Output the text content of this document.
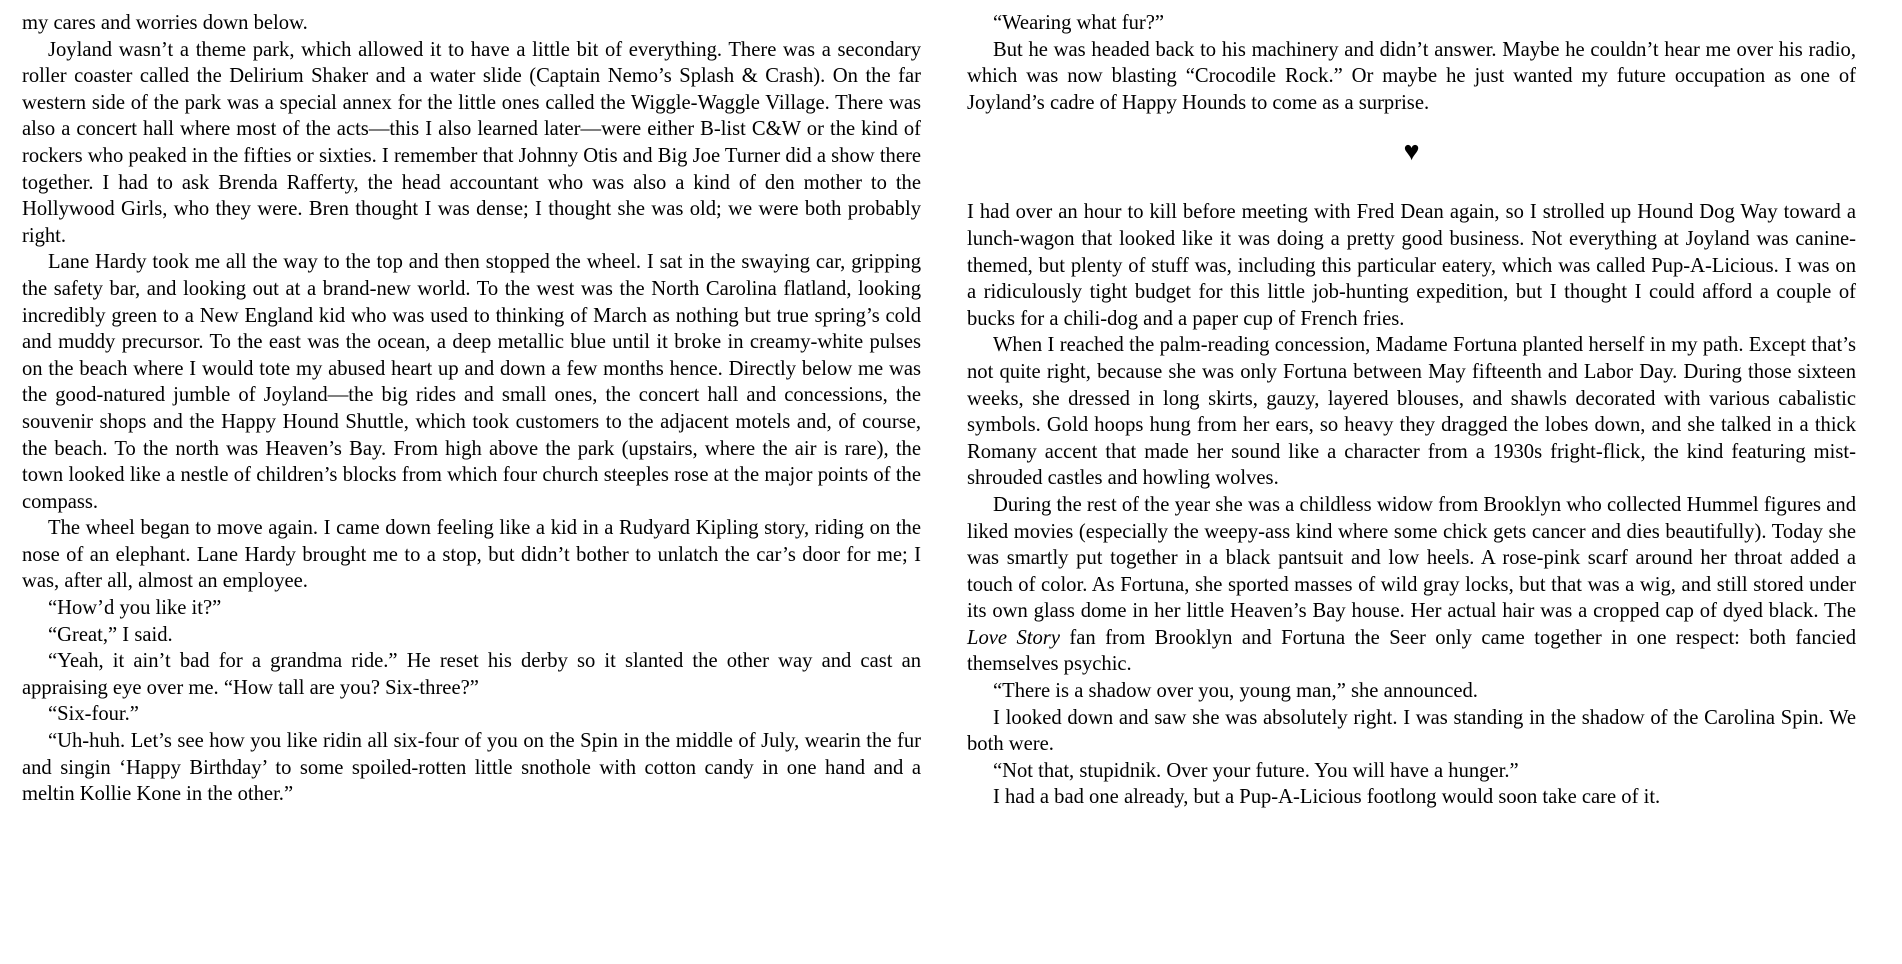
my cares and worries down below.

Joyland wasn’t a theme park, which allowed it to have a little bit of everything. There was a secondary roller coaster called the Delirium Shaker and a water slide (Captain Nemo’s Splash & Crash). On the far western side of the park was a special annex for the little ones called the Wiggle-Waggle Village. There was also a concert hall where most of the acts—this I also learned later—were either B-list C&W or the kind of rockers who peaked in the fifties or sixties. I remember that Johnny Otis and Big Joe Turner did a show there together. I had to ask Brenda Rafferty, the head accountant who was also a kind of den mother to the Hollywood Girls, who they were. Bren thought I was dense; I thought she was old; we were both probably right.

Lane Hardy took me all the way to the top and then stopped the wheel. I sat in the swaying car, gripping the safety bar, and looking out at a brand-new world. To the west was the North Carolina flatland, looking incredibly green to a New England kid who was used to thinking of March as nothing but true spring’s cold and muddy precursor. To the east was the ocean, a deep metallic blue until it broke in creamy-white pulses on the beach where I would tote my abused heart up and down a few months hence. Directly below me was the good-natured jumble of Joyland—the big rides and small ones, the concert hall and concessions, the souvenir shops and the Happy Hound Shuttle, which took customers to the adjacent motels and, of course, the beach. To the north was Heaven’s Bay. From high above the park (upstairs, where the air is rare), the town looked like a nestle of children’s blocks from which four church steeples rose at the major points of the compass.

The wheel began to move again. I came down feeling like a kid in a Rudyard Kipling story, riding on the nose of an elephant. Lane Hardy brought me to a stop, but didn’t bother to unlatch the car’s door for me; I was, after all, almost an employee.

“How’d you like it?”

“Great,” I said.

“Yeah, it ain’t bad for a grandma ride.” He reset his derby so it slanted the other way and cast an appraising eye over me. “How tall are you? Six-three?”

“Six-four.”

“Uh-huh. Let’s see how you like ridin all six-four of you on the Spin in the middle of July, wearin the fur and singin ‘Happy Birthday’ to some spoiled-rotten little snothole with cotton candy in one hand and a meltin Kollie Kone in the other.”

“Wearing what fur?”

But he was headed back to his machinery and didn’t answer. Maybe he couldn’t hear me over his radio, which was now blasting “Crocodile Rock.” Or maybe he just wanted my future occupation as one of Joyland’s cadre of Happy Hounds to come as a surprise.

♥

I had over an hour to kill before meeting with Fred Dean again, so I strolled up Hound Dog Way toward a lunch-wagon that looked like it was doing a pretty good business. Not everything at Joyland was canine-themed, but plenty of stuff was, including this particular eatery, which was called Pup-A-Licious. I was on a ridiculously tight budget for this little job-hunting expedition, but I thought I could afford a couple of bucks for a chili-dog and a paper cup of French fries.

When I reached the palm-reading concession, Madame Fortuna planted herself in my path. Except that’s not quite right, because she was only Fortuna between May fifteenth and Labor Day. During those sixteen weeks, she dressed in long skirts, gauzy, layered blouses, and shawls decorated with various cabalistic symbols. Gold hoops hung from her ears, so heavy they dragged the lobes down, and she talked in a thick Romany accent that made her sound like a character from a 1930s fright-flick, the kind featuring mist-shrouded castles and howling wolves.

During the rest of the year she was a childless widow from Brooklyn who collected Hummel figures and liked movies (especially the weepy-ass kind where some chick gets cancer and dies beautifully). Today she was smartly put together in a black pantsuit and low heels. A rose-pink scarf around her throat added a touch of color. As Fortuna, she sported masses of wild gray locks, but that was a wig, and still stored under its own glass dome in her little Heaven’s Bay house. Her actual hair was a cropped cap of dyed black. The Love Story fan from Brooklyn and Fortuna the Seer only came together in one respect: both fancied themselves psychic.

“There is a shadow over you, young man,” she announced.

I looked down and saw she was absolutely right. I was standing in the shadow of the Carolina Spin. We both were.

“Not that, stupidnik. Over your future. You will have a hunger.”

I had a bad one already, but a Pup-A-Licious footlong would soon take care of it.
